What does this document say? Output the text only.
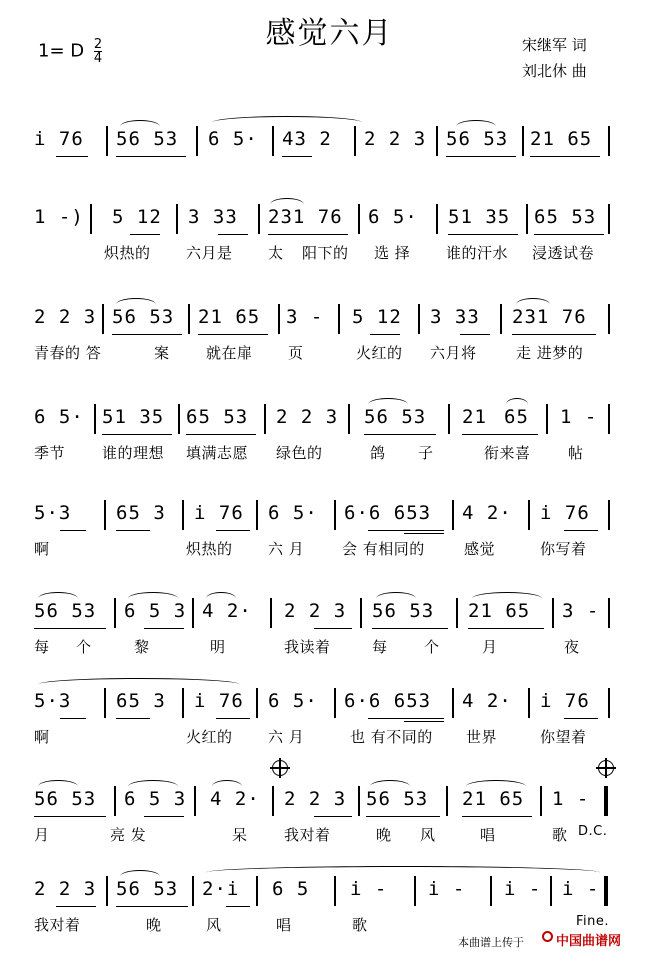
感觉六月
1= D $\frac{2}{4}$	宋继军 词
刘北休 曲
i 76 56 53 6 5· 43 2 2 2 3 56 53 21 65
1 -) 5 12 3 33 231 76 6 5· 51 35 65 53
炽热的 六月是 太 阳下的 选 择 谁的汗水 浸透试卷
2 2 3 56 53 21 65 3 - 5 12 3 33 231 76
青春的 答	案 就在扉 页	火红的 六月将	走 进梦的
6 5· 51 35 65 53 2 2 3 56 53 21 65 1 -
季节 谁的理想 填满志愿 绿色的	鸽 子	衔来喜 帖
5·3 65 3 i 76 6 5· 6·6 653 4 2· i 76
啊	炽热的 六 月	会 有相同的	感觉	你写着
56 53 6 5 3 4 2· 2 2 3 56 53 21 65 3 -
每 个	黎	明	我读着	每 个	月	夜
5·3 65 3 i 76 6 5· 6·6 653 4 2· i 76
啊	火红的 六 月	也 有不同的 世界	你望着
56 53 6 5 3 4 2· 2 2 3 56 53 21 65 1 -
月	亮 发	呆 我对着	晚 风	唱	歌 D.C.
2 2 3 56 53 2·i 6 5 i - i - i - i -
我对着	晚	风	唱	歌	Fine.
本曲谱上传于 中国曲谱网
